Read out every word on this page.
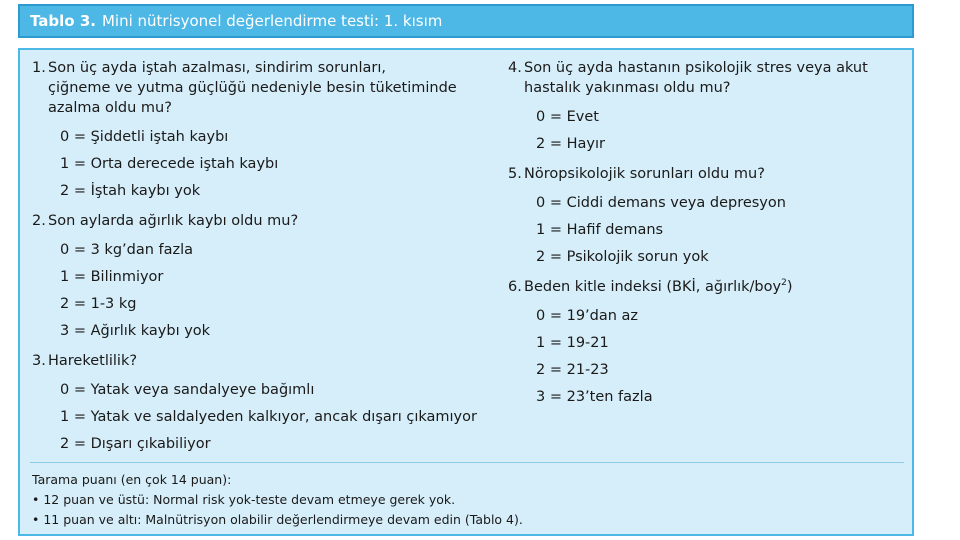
Tablo 3. Mini nütrisyonel değerlendirme testi: 1. kısım
1. Son üç ayda iştah azalması, sindirim sorunları,
çiğneme ve yutma güçlüğü nedeniyle besin tüketiminde
azalma oldu mu?
0 = Şiddetli iştah kaybı
1 = Orta derecede iştah kaybı
2 = İştah kaybı yok
2. Son aylarda ağırlık kaybı oldu mu?
0 = 3 kg’dan fazla
1 = Bilinmiyor
2 = 1-3 kg
3 = Ağırlık kaybı yok
3. Hareketlilik?
0 = Yatak veya sandalyeye bağımlı
1 = Yatak ve saldalyeden kalkıyor, ancak dışarı çıkamıyor
2 = Dışarı çıkabiliyor
4. Son üç ayda hastanın psikolojik stres veya akut
hastalık yakınması oldu mu?
0 = Evet
2 = Hayır
5. Nöropsikolojik sorunları oldu mu?
0 = Ciddi demans veya depresyon
1 = Hafif demans
2 = Psikolojik sorun yok
6. Beden kitle indeksi (BKİ, ağırlık/boy$^2$)
0 = 19’dan az
1 = 19-21
2 = 21-23
3 = 23’ten fazla
Tarama puanı (en çok 14 puan):
• 12 puan ve üstü: Normal risk yok-teste devam etmeye gerek yok.
• 11 puan ve altı: Malnütrisyon olabilir değerlendirmeye devam edin (Tablo 4).
